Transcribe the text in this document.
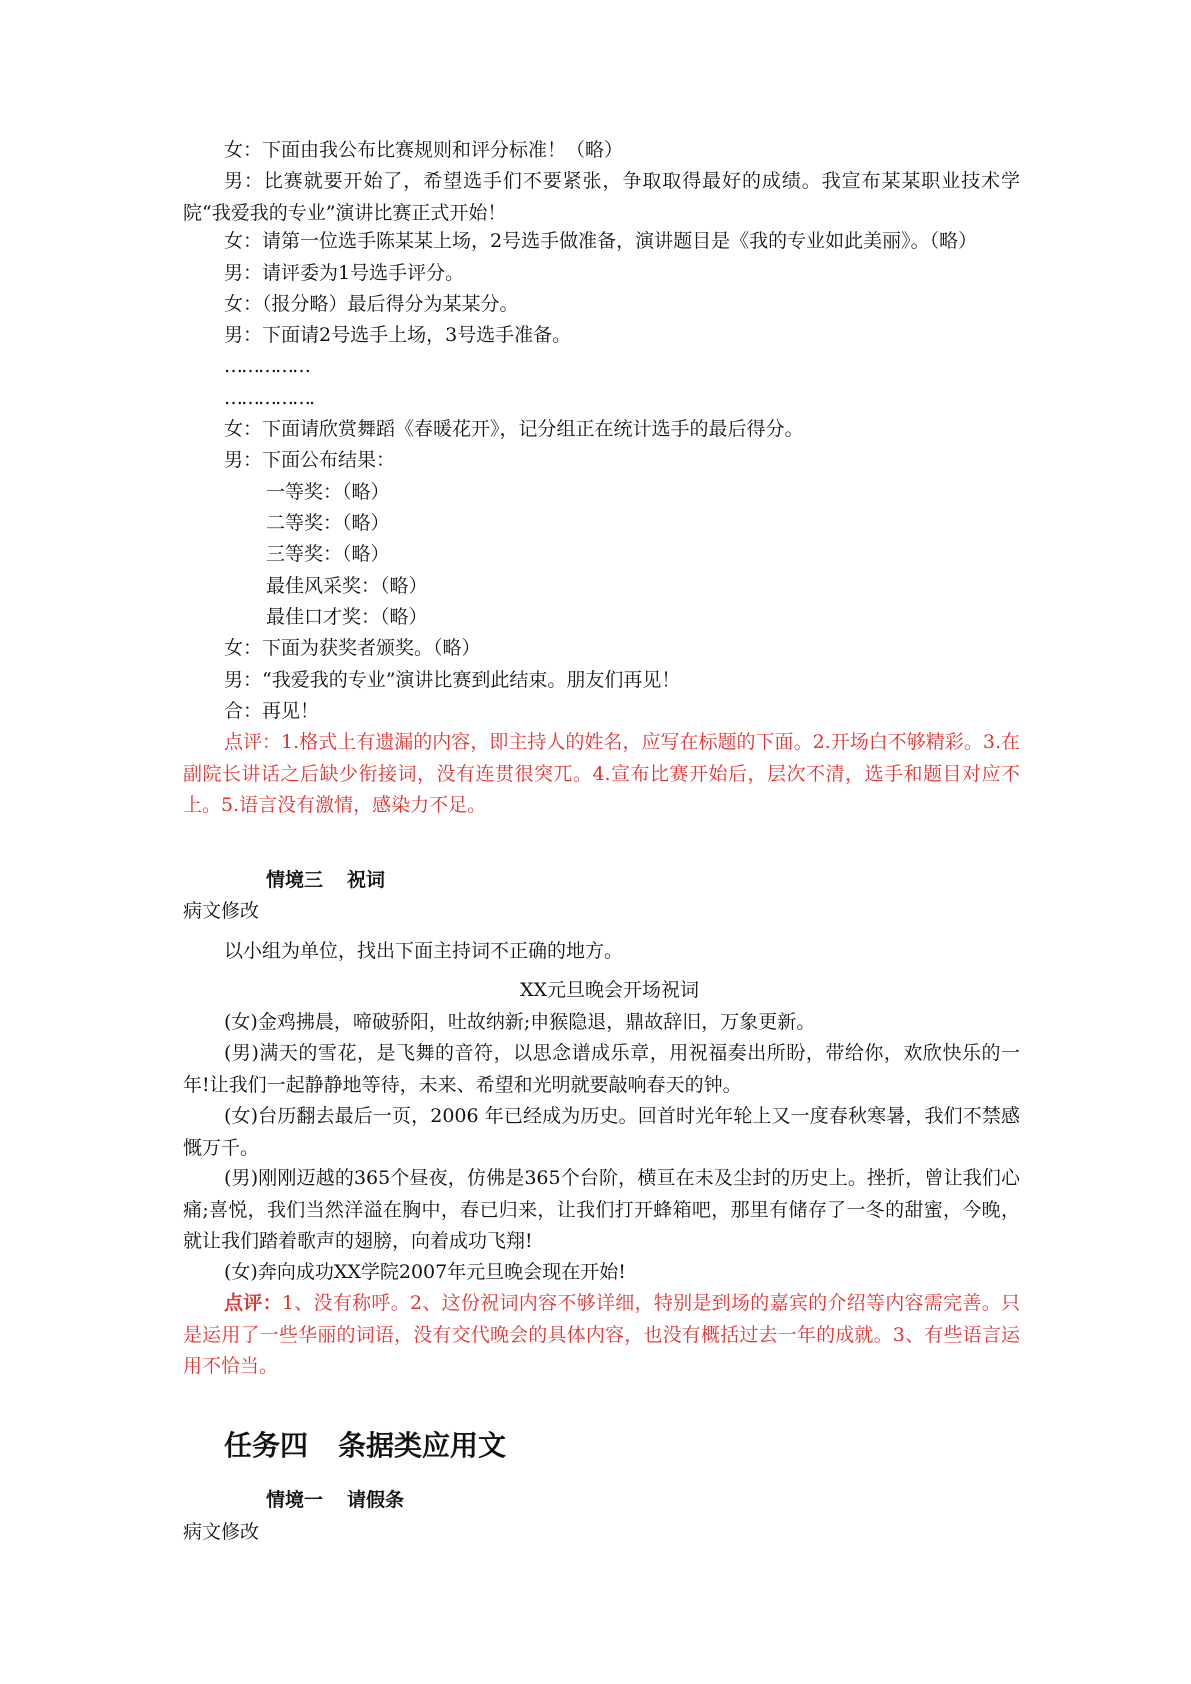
女：下面由我公布比赛规则和评分标准！（略）
男：比赛就要开始了，希望选手们不要紧张，争取取得最好的成绩。我宣布某某职业技术学院“我爱我的专业”演讲比赛正式开始！
女：请第一位选手陈某某上场，2号选手做准备，演讲题目是《我的专业如此美丽》。（略）
男：请评委为1号选手评分。
女：（报分略）最后得分为某某分。
男：下面请2号选手上场，3号选手准备。
……………
…………….
女：下面请欣赏舞蹈《春暖花开》，记分组正在统计选手的最后得分。
男：下面公布结果：
一等奖：（略）
二等奖：（略）
三等奖：（略）
最佳风采奖：（略）
最佳口才奖：（略）
女：下面为获奖者颁奖。（略）
男：“我爱我的专业”演讲比赛到此结束。朋友们再见！
合：再见！
点评：1.格式上有遗漏的内容，即主持人的姓名，应写在标题的下面。2.开场白不够精彩。3.在副院长讲话之后缺少衔接词，没有连贯很突兀。4.宣布比赛开始后，层次不清，选手和题目对应不上。5.语言没有激情，感染力不足。
情境三 祝词
病文修改
以小组为单位，找出下面主持词不正确的地方。
XX元旦晚会开场祝词
(女)金鸡拂晨，啼破骄阳，吐故纳新;申猴隐退，鼎故辞旧，万象更新。
(男)满天的雪花，是飞舞的音符，以思念谱成乐章，用祝福奏出所盼，带给你，欢欣快乐的一年!让我们一起静静地等待，未来、希望和光明就要敲响春天的钟。
(女)台历翻去最后一页，2006 年已经成为历史。回首时光年轮上又一度春秋寒暑，我们不禁感慨万千。
(男)刚刚迈越的365个昼夜，仿佛是365个台阶，横亘在未及尘封的历史上。挫折，曾让我们心痛;喜悦，我们当然洋溢在胸中，春已归来，让我们打开蜂箱吧，那里有储存了一冬的甜蜜，今晚，就让我们踏着歌声的翅膀，向着成功飞翔!
(女)奔向成功XX学院2007年元旦晚会现在开始!
点评：1、没有称呼。2、这份祝词内容不够详细，特别是到场的嘉宾的介绍等内容需完善。只是运用了一些华丽的词语，没有交代晚会的具体内容，也没有概括过去一年的成就。3、有些语言运用不恰当。
任务四 条据类应用文
情境一 请假条
病文修改
